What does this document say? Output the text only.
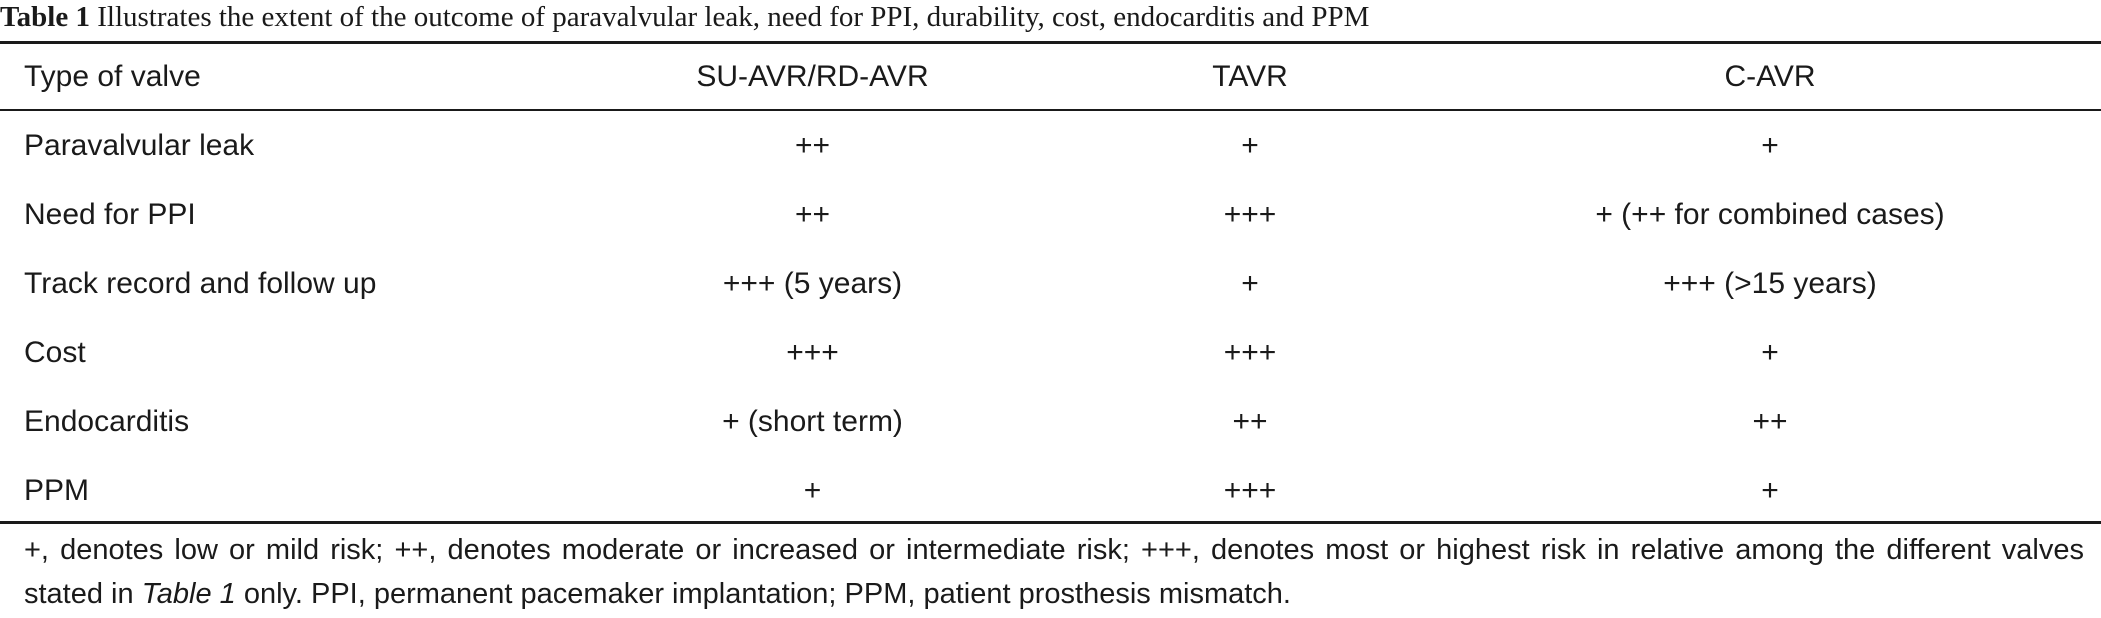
Table 1 Illustrates the extent of the outcome of paravalvular leak, need for PPI, durability, cost, endocarditis and PPM
Type of valve	SU-AVR/RD-AVR	TAVR	C-AVR
Paravalvular leak	++	+	+
Need for PPI	++	+++	+ (++ for combined cases)
Track record and follow up	+++ (5 years)	+	+++ (>15 years)
Cost	+++	+++	+
Endocarditis	+ (short term)	++	++
PPM	+	+++	+
+, denotes low or mild risk; ++, denotes moderate or increased or intermediate risk; +++, denotes most or highest risk in relative among the different valves stated in Table 1 only. PPI, permanent pacemaker implantation; PPM, patient prosthesis mismatch.
